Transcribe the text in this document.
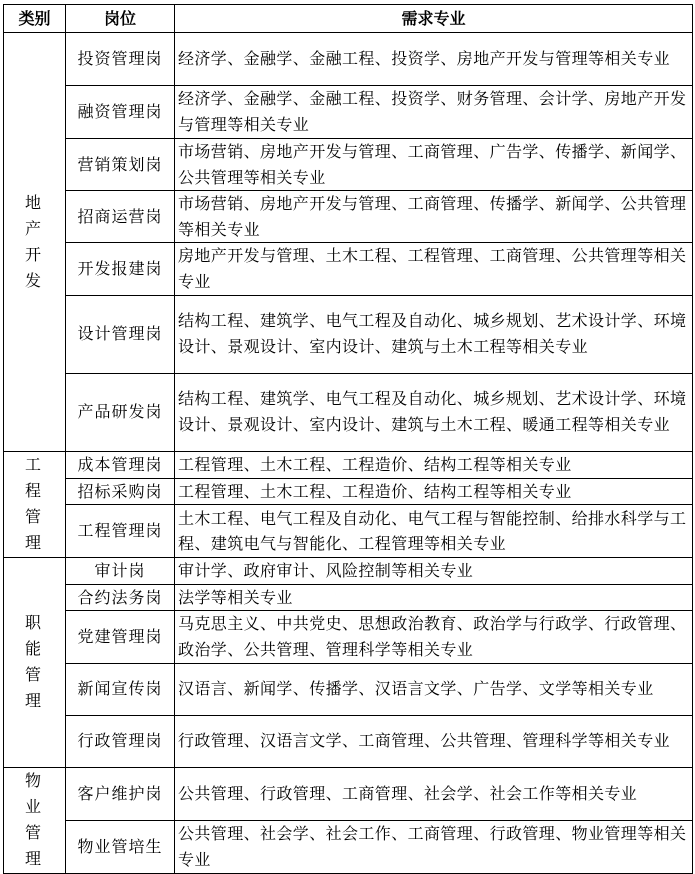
类别	岗位	需求专业

地产开发	投资管理岗	经济学、金融学、金融工程、投资学、房地产开发与管理等相关专业
	融资管理岗	经济学、金融学、金融工程、投资学、财务管理、会计学、房地产开发与管理等相关专业
	营销策划岗	市场营销、房地产开发与管理、工商管理、广告学、传播学、新闻学、公共管理等相关专业
	招商运营岗	市场营销、房地产开发与管理、工商管理、传播学、新闻学、公共管理等相关专业
	开发报建岗	房地产开发与管理、土木工程、工程管理、工商管理、公共管理等相关专业
	设计管理岗	结构工程、建筑学、电气工程及自动化、城乡规划、艺术设计学、环境设计、景观设计、室内设计、建筑与土木工程等相关专业
	产品研发岗	结构工程、建筑学、电气工程及自动化、城乡规划、艺术设计学、环境设计、景观设计、室内设计、建筑与土木工程、暖通工程等相关专业

工程管理	成本管理岗	工程管理、土木工程、工程造价、结构工程等相关专业
	招标采购岗	工程管理、土木工程、工程造价、结构工程等相关专业
	工程管理岗	土木工程、电气工程及自动化、电气工程与智能控制、给排水科学与工程、建筑电气与智能化、工程管理等相关专业

职能管理	审计岗	审计学、政府审计、风险控制等相关专业
	合约法务岗	法学等相关专业
	党建管理岗	马克思主义、中共党史、思想政治教育、政治学与行政学、行政管理、政治学、公共管理、管理科学等相关专业
	新闻宣传岗	汉语言、新闻学、传播学、汉语言文学、广告学、文学等相关专业
	行政管理岗	行政管理、汉语言文学、工商管理、公共管理、管理科学等相关专业

物业管理	客户维护岗	公共管理、行政管理、工商管理、社会学、社会工作等相关专业
	物业管培生	公共管理、社会学、社会工作、工商管理、行政管理、物业管理等相关专业
